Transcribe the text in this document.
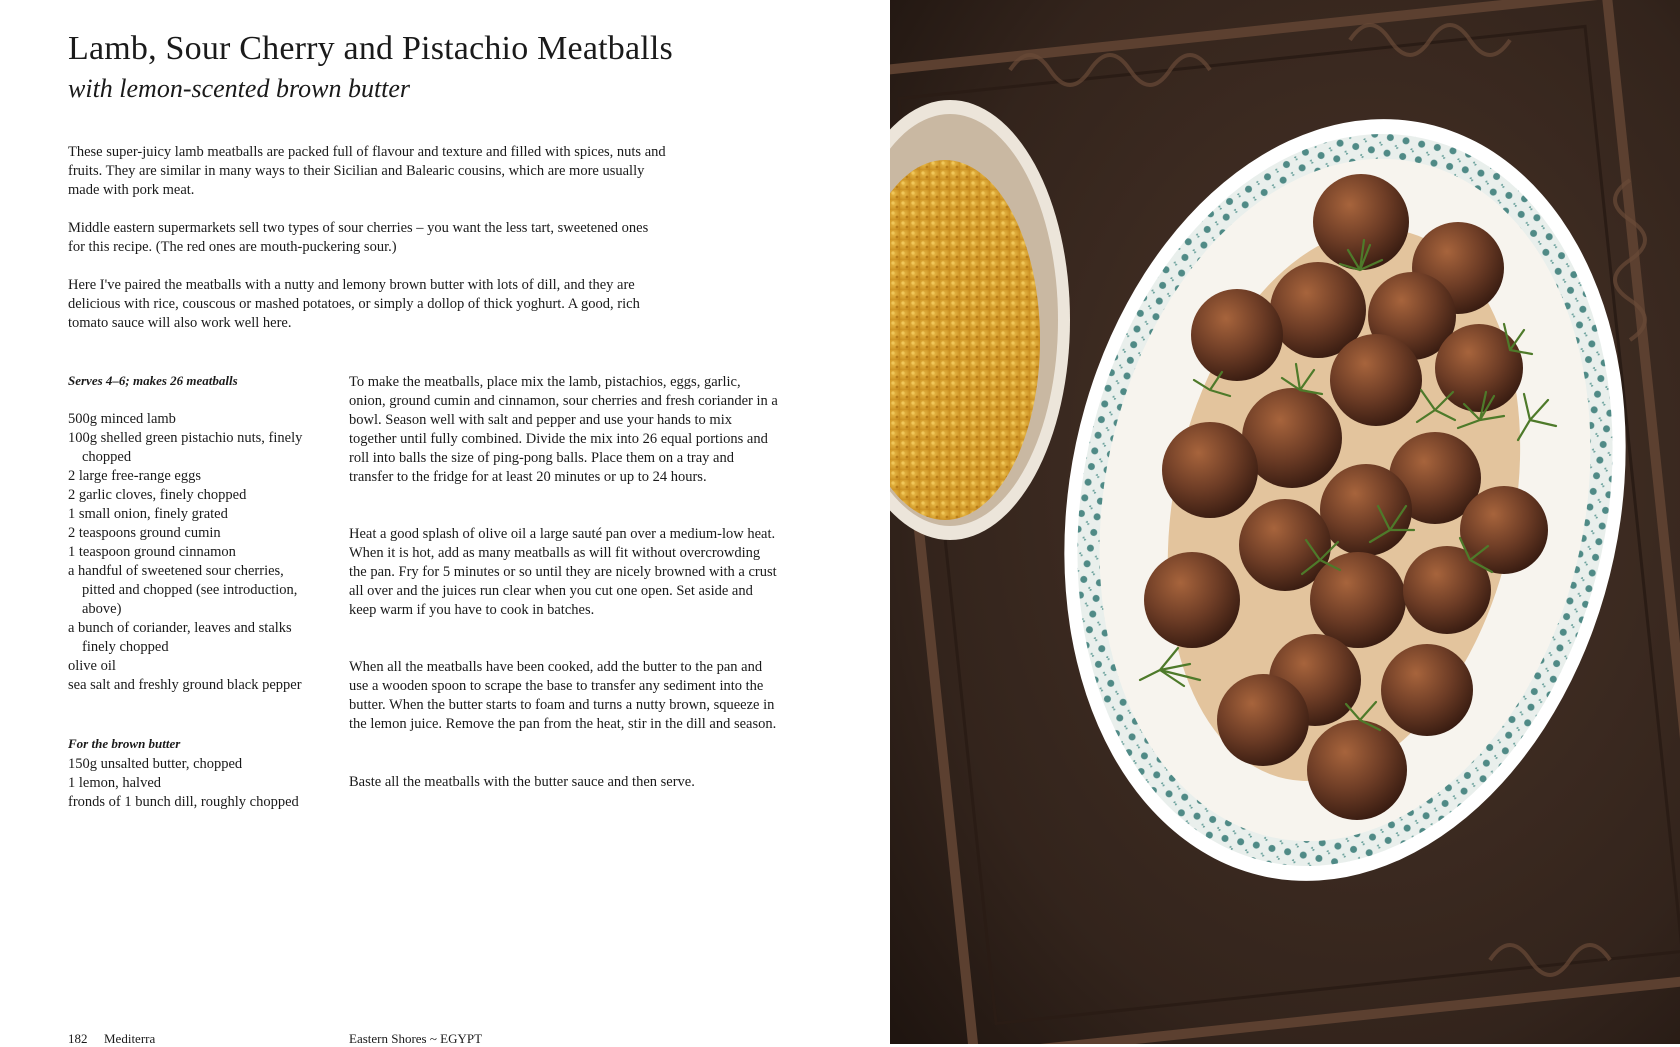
Lamb, Sour Cherry and Pistachio Meatballs
with lemon-scented brown butter

These super-juicy lamb meatballs are packed full of flavour and texture and filled with spices, nuts and fruits. They are similar in many ways to their Sicilian and Balearic cousins, which are more usually made with pork meat.

Middle eastern supermarkets sell two types of sour cherries – you want the less tart, sweetened ones for this recipe. (The red ones are mouth-puckering sour.)

Here I've paired the meatballs with a nutty and lemony brown butter with lots of dill, and they are delicious with rice, couscous or mashed potatoes, or simply a dollop of thick yoghurt. A good, rich tomato sauce will also work well here.

Serves 4–6; makes 26 meatballs
500g minced lamb
100g shelled green pistachio nuts, finely chopped
2 large free-range eggs
2 garlic cloves, finely chopped
1 small onion, finely grated
2 teaspoons ground cumin
1 teaspoon ground cinnamon
a handful of sweetened sour cherries, pitted and chopped (see introduction, above)
a bunch of coriander, leaves and stalks finely chopped
olive oil
sea salt and freshly ground black pepper
For the brown butter
150g unsalted butter, chopped
1 lemon, halved
fronds of 1 bunch dill, roughly chopped

To make the meatballs, place mix the lamb, pistachios, eggs, garlic, onion, ground cumin and cinnamon, sour cherries and fresh coriander in a bowl. Season well with salt and pepper and use your hands to mix together until fully combined. Divide the mix into 26 equal portions and roll into balls the size of ping-pong balls. Place them on a tray and transfer to the fridge for at least 20 minutes or up to 24 hours.

Heat a good splash of olive oil a large sauté pan over a medium-low heat. When it is hot, add as many meatballs as will fit without overcrowding the pan. Fry for 5 minutes or so until they are nicely browned with a crust all over and the juices run clear when you cut one open. Set aside and keep warm if you have to cook in batches.

When all the meatballs have been cooked, add the butter to the pan and use a wooden spoon to scrape the base to transfer any sediment into the butter. When the butter starts to foam and turns a nutty brown, squeeze in the lemon juice. Remove the pan from the heat, stir in the dill and season.

Baste all the meatballs with the butter sauce and then serve.

182 Mediterra	Eastern Shores ~ EGYPT
